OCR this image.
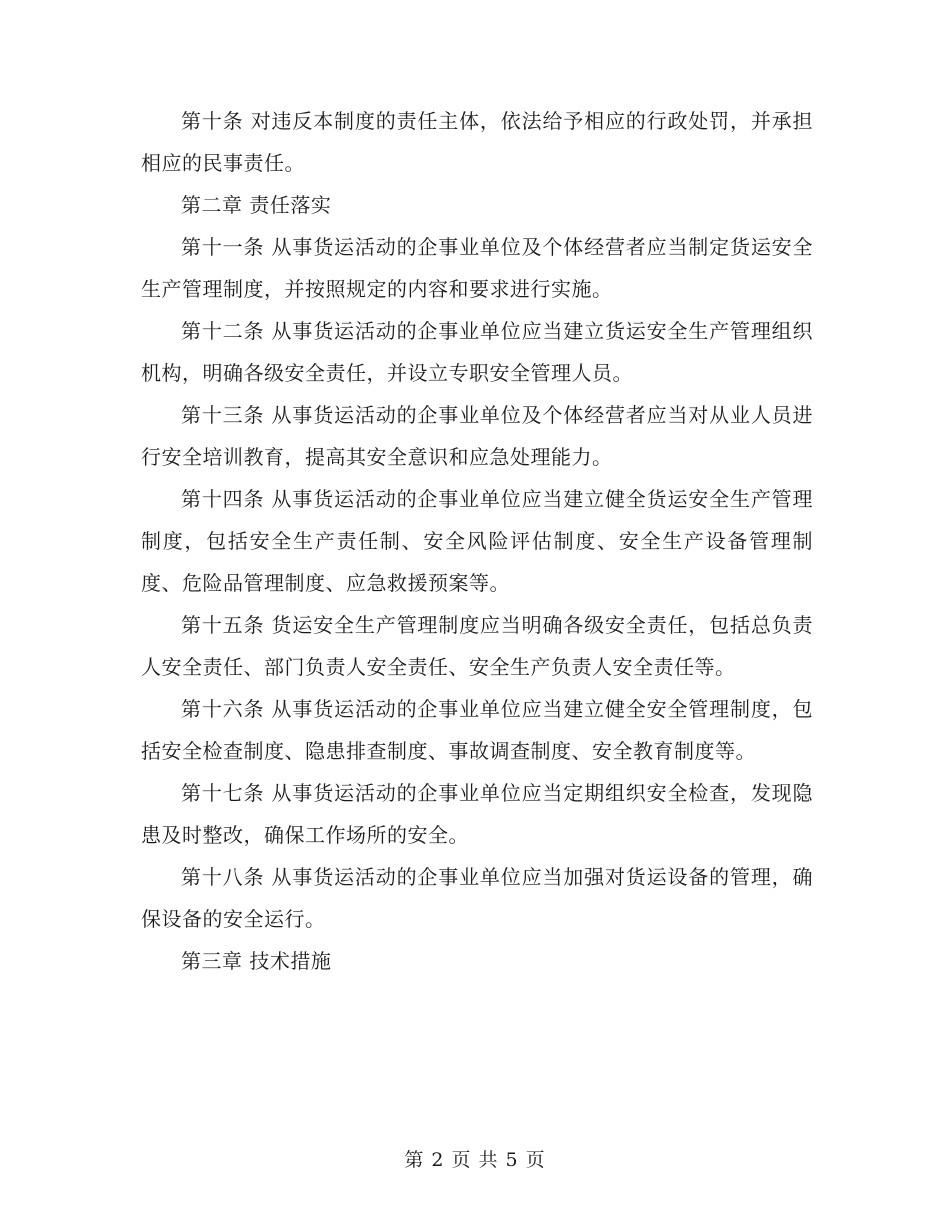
第十条 对违反本制度的责任主体，依法给予相应的行政处罚，并承担相应的民事责任。

第二章 责任落实

第十一条 从事货运活动的企事业单位及个体经营者应当制定货运安全生产管理制度，并按照规定的内容和要求进行实施。

第十二条 从事货运活动的企事业单位应当建立货运安全生产管理组织机构，明确各级安全责任，并设立专职安全管理人员。

第十三条 从事货运活动的企事业单位及个体经营者应当对从业人员进行安全培训教育，提高其安全意识和应急处理能力。

第十四条 从事货运活动的企事业单位应当建立健全货运安全生产管理制度，包括安全生产责任制、安全风险评估制度、安全生产设备管理制度、危险品管理制度、应急救援预案等。

第十五条 货运安全生产管理制度应当明确各级安全责任，包括总负责人安全责任、部门负责人安全责任、安全生产负责人安全责任等。

第十六条 从事货运活动的企事业单位应当建立健全安全管理制度，包括安全检查制度、隐患排查制度、事故调查制度、安全教育制度等。

第十七条 从事货运活动的企事业单位应当定期组织安全检查，发现隐患及时整改，确保工作场所的安全。

第十八条 从事货运活动的企事业单位应当加强对货运设备的管理，确保设备的安全运行。

第三章 技术措施

第 2 页 共 5 页
